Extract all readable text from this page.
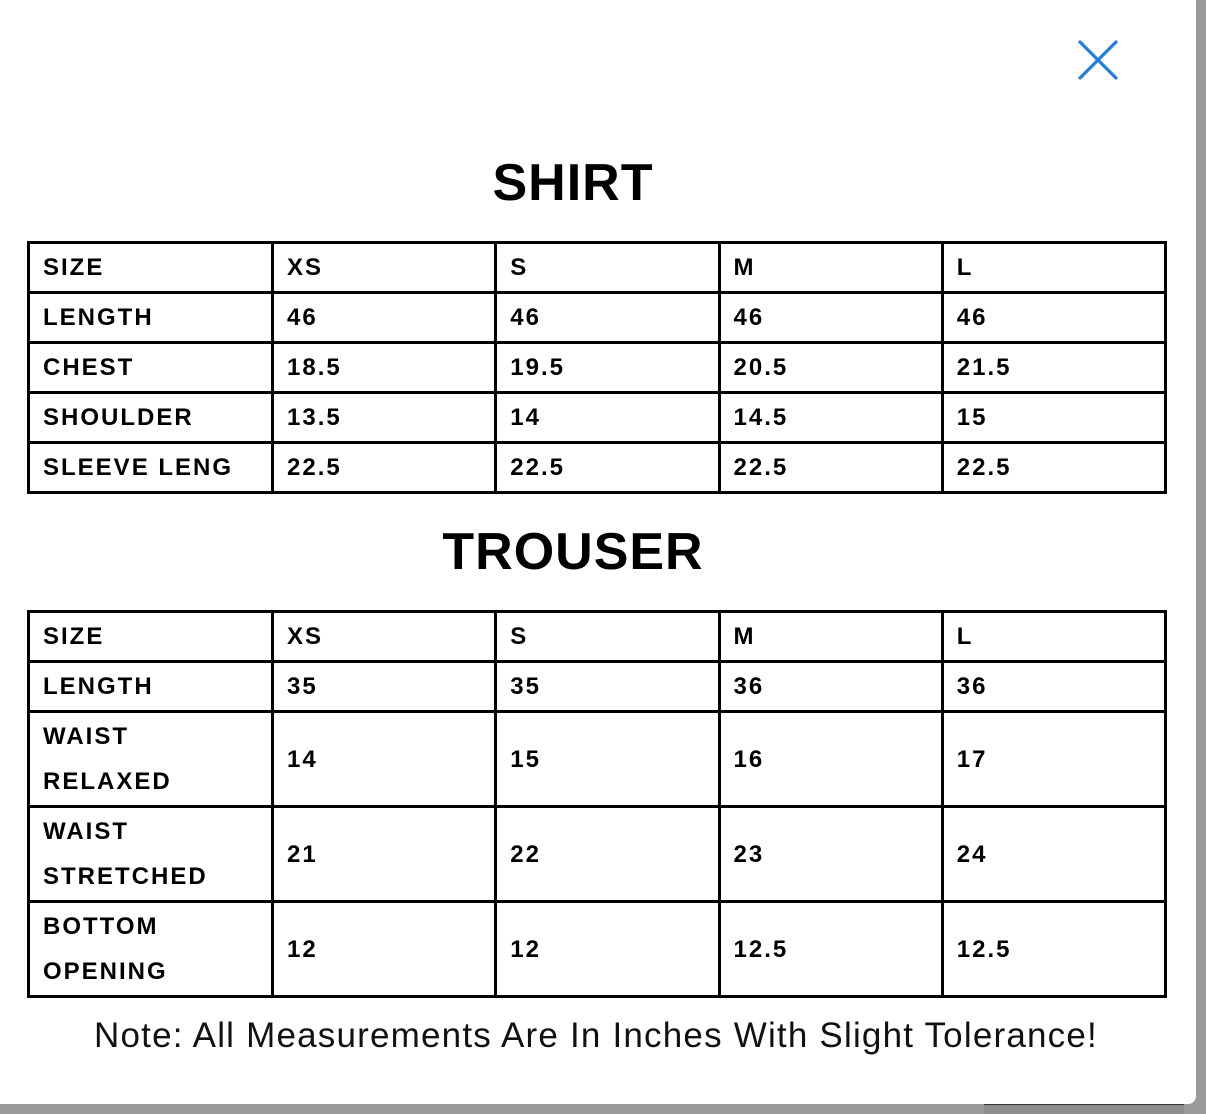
SHIRT
SIZE	XS	S	M	L
LENGTH	46	46	46	46
CHEST	18.5	19.5	20.5	21.5
SHOULDER	13.5	14	14.5	15
SLEEVE LENG	22.5	22.5	22.5	22.5
TROUSER
SIZE	XS	S	M	L
LENGTH	35	35	36	36

WAIST RELAXED	14	15	16	17

WAIST STRETCHED	21	22	23	24

BOTTOM OPENING	12	12	12.5	12.5
Note: All Measurements Are In Inches With Slight Tolerance!
